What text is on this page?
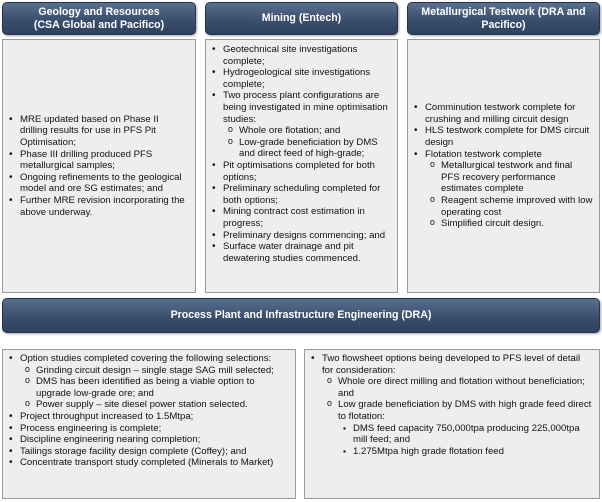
Geology and Resources
(CSA Global and Pacifico)
Mining (Entech)
Metallurgical Testwork (DRA and
Pacifico)
• MRE updated based on Phase II drilling results for use in PFS Pit Optimisation;
• Phase III drilling produced PFS metallurgical samples;
• Ongoing refinements to the geological model and ore SG estimates; and
• Further MRE revision incorporating the above underway.
• Geotechnical site investigations complete;
• Hydrogeological site investigations complete;
• Two process plant configurations are being investigated in mine optimisation studies:
o Whole ore flotation; and
o Low-grade beneficiation by DMS and direct feed of high-grade;
• Pit optimisations completed for both options;
• Preliminary scheduling completed for both options;
• Mining contract cost estimation in progress;
• Preliminary designs commencing; and
• Surface water drainage and pit dewatering studies commenced.
• Comminution testwork complete for crushing and milling circuit design
• HLS testwork complete for DMS circuit design
• Flotation testwork complete
o Metallurgical testwork and final PFS recovery performance estimates complete
o Reagent scheme improved with low operating cost
o Simplified circuit design.
Process Plant and Infrastructure Engineering (DRA)
• Option studies completed covering the following selections:
o Grinding circuit design – single stage SAG mill selected;
o DMS has been identified as being a viable option to upgrade low-grade ore; and
o Power supply – site diesel power station selected.
• Project throughput increased to 1.5Mtpa;
• Process engineering is complete;
• Discipline engineering nearing completion;
• Tailings storage facility design complete (Coffey); and
• Concentrate transport study completed (Minerals to Market)
• Two flowsheet options being developed to PFS level of detail for consideration:
o Whole ore direct milling and flotation without beneficiation; and
o Low grade beneficiation by DMS with high grade feed direct to flotation:
▪ DMS feed capacity 750,000tpa producing 225,000tpa mill feed; and
▪ 1.275Mtpa high grade flotation feed
